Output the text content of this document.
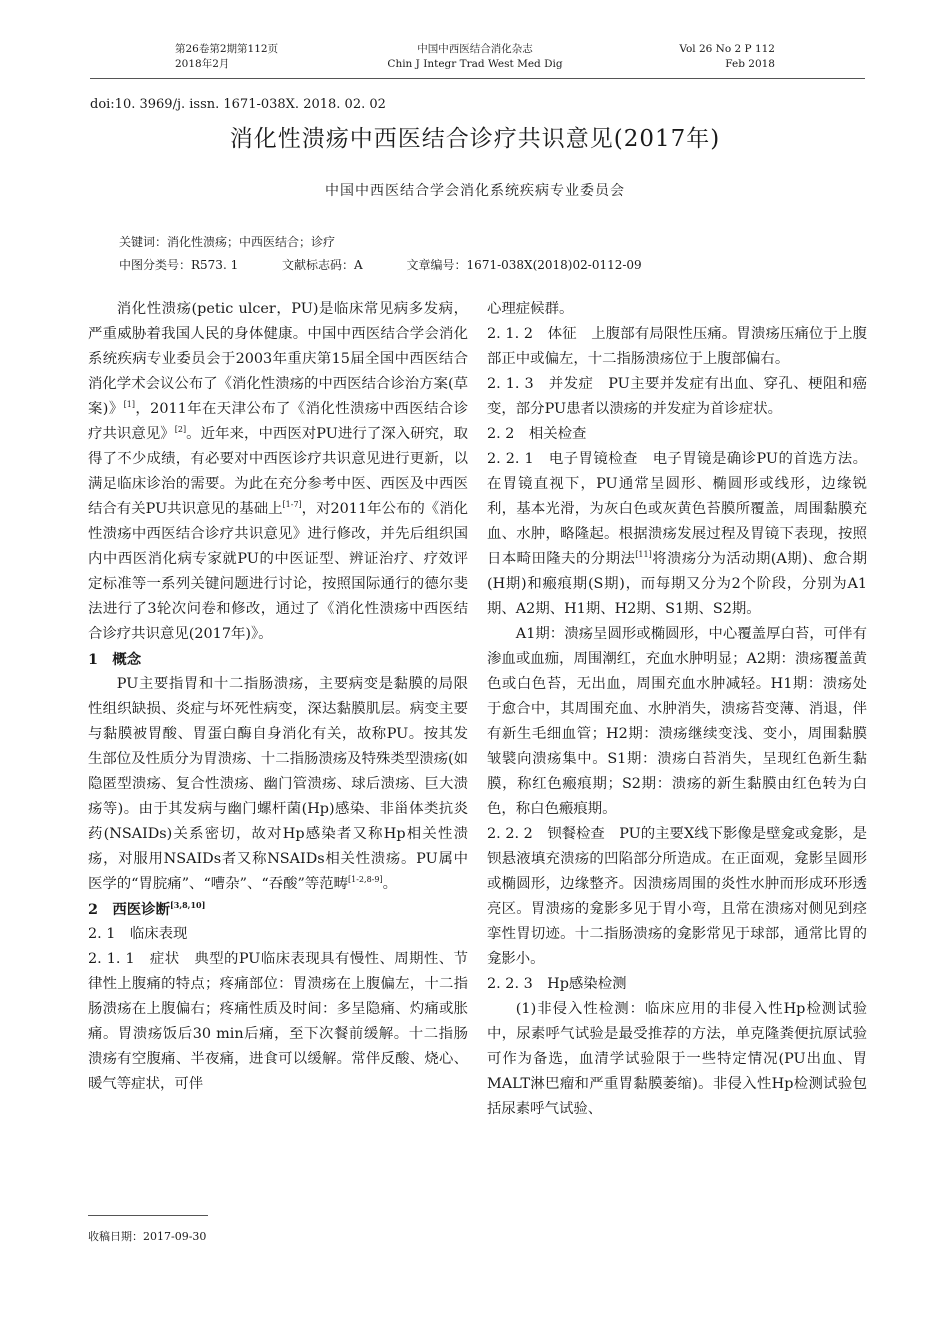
第26卷第2期第112页
2018年2月
中国中西医结合消化杂志
Chin J Integr Trad West Med Dig
Vol 26 No 2 P 112
Feb 2018
doi:10. 3969/j. issn. 1671-038X. 2018. 02. 02
消化性溃疡中西医结合诊疗共识意见(2017年)
中国中西医结合学会消化系统疾病专业委员会
关键词：消化性溃疡；中西医结合；诊疗
中图分类号：R573. 1	文献标志码：A	文章编号：1671-038X(2018)02-0112-09

消化性溃疡(petic ulcer，PU)是临床常见病多发病，严重威胁着我国人民的身体健康。中国中西医结合学会消化系统疾病专业委员会于2003年重庆第15届全国中西医结合消化学术会议公布了《消化性溃疡的中西医结合诊治方案(草案)》[1]，2011年在天津公布了《消化性溃疡中西医结合诊疗共识意见》[2]。近年来，中西医对PU进行了深入研究，取得了不少成绩，有必要对中西医诊疗共识意见进行更新，以满足临床诊治的需要。为此在充分参考中医、西医及中西医结合有关PU共识意见的基础上[1-7]，对2011年公布的《消化性溃疡中西医结合诊疗共识意见》进行修改，并先后组织国内中西医消化病专家就PU的中医证型、辨证治疗、疗效评定标准等一系列关键问题进行讨论，按照国际通行的德尔斐法进行了3轮次问卷和修改，通过了《消化性溃疡中西医结合诊疗共识意见(2017年)》。

1　概念

PU主要指胃和十二指肠溃疡，主要病变是黏膜的局限性组织缺损、炎症与坏死性病变，深达黏膜肌层。病变主要与黏膜被胃酸、胃蛋白酶自身消化有关，故称PU。按其发生部位及性质分为胃溃疡、十二指肠溃疡及特殊类型溃疡(如隐匿型溃疡、复合性溃疡、幽门管溃疡、球后溃疡、巨大溃疡等)。由于其发病与幽门螺杆菌(Hp)感染、非甾体类抗炎药(NSAIDs)关系密切，故对Hp感染者又称Hp相关性溃疡，对服用NSAIDs者又称NSAIDs相关性溃疡。PU属中医学的“胃脘痛”、“嘈杂”、“吞酸”等范畴[1-2,8-9]。

2　西医诊断[3,8,10]

2. 1　临床表现

2. 1. 1　症状　典型的PU临床表现具有慢性、周期性、节律性上腹痛的特点；疼痛部位：胃溃疡在上腹偏左，十二指肠溃疡在上腹偏右；疼痛性质及时间：多呈隐痛、灼痛或胀痛。胃溃疡饭后30 min后痛，至下次餐前缓解。十二指肠溃疡有空腹痛、半夜痛，进食可以缓解。常伴反酸、烧心、暖气等症状，可伴

心理症候群。

2. 1. 2　体征　上腹部有局限性压痛。胃溃疡压痛位于上腹部正中或偏左，十二指肠溃疡位于上腹部偏右。

2. 1. 3　并发症　PU主要并发症有出血、穿孔、梗阻和癌变，部分PU患者以溃疡的并发症为首诊症状。

2. 2　相关检查

2. 2. 1　电子胃镜检查　电子胃镜是确诊PU的首选方法。在胃镜直视下，PU通常呈圆形、椭圆形或线形，边缘锐利，基本光滑，为灰白色或灰黄色苔膜所覆盖，周围黏膜充血、水肿，略隆起。根据溃疡发展过程及胃镜下表现，按照日本畸田隆夫的分期法[11]将溃疡分为活动期(A期)、愈合期(H期)和瘢痕期(S期)，而每期又分为2个阶段，分别为A1期、A2期、H1期、H2期、S1期、S2期。

A1期：溃疡呈圆形或椭圆形，中心覆盖厚白苔，可伴有渗血或血痂，周围潮红，充血水肿明显；A2期：溃疡覆盖黄色或白色苔，无出血，周围充血水肿减轻。H1期：溃疡处于愈合中，其周围充血、水肿消失，溃疡苔变薄、消退，伴有新生毛细血管；H2期：溃疡继续变浅、变小，周围黏膜皱襞向溃疡集中。S1期：溃疡白苔消失，呈现红色新生黏膜，称红色瘢痕期；S2期：溃疡的新生黏膜由红色转为白色，称白色瘢痕期。

2. 2. 2　钡餐检查　PU的主要X线下影像是壁龛或龛影，是钡悬液填充溃疡的凹陷部分所造成。在正面观，龛影呈圆形或椭圆形，边缘整齐。因溃疡周围的炎性水肿而形成环形透亮区。胃溃疡的龛影多见于胃小弯，且常在溃疡对侧见到痉挛性胃切迹。十二指肠溃疡的龛影常见于球部，通常比胃的龛影小。

2. 2. 3　Hp感染检测

(1)非侵入性检测：临床应用的非侵入性Hp检测试验中，尿素呼气试验是最受推荐的方法，单克隆粪便抗原试验可作为备选，血清学试验限于一些特定情况(PU出血、胃MALT淋巴瘤和严重胃黏膜萎缩)。非侵入性Hp检测试验包括尿素呼气试验、

收稿日期：2017-09-30
